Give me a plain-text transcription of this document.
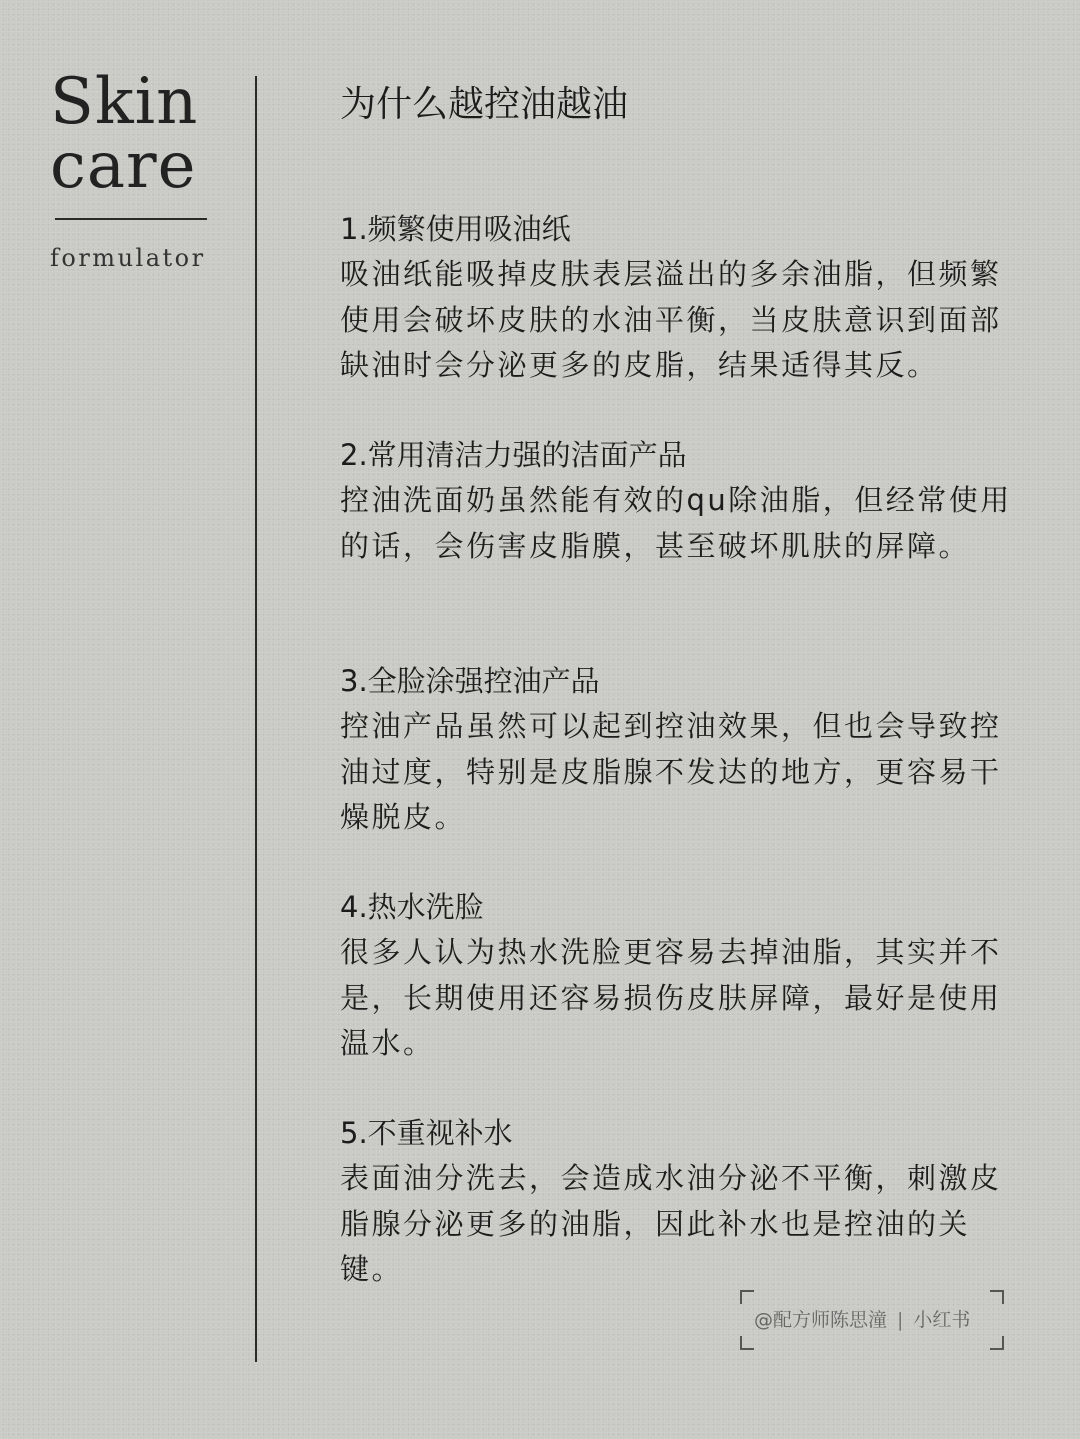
Skin
care
formulator
为什么越控油越油
1.频繁使用吸油纸
吸油纸能吸掉皮肤表层溢出的多余油脂，但频繁使用会破坏皮肤的水油平衡，当皮肤意识到面部缺油时会分泌更多的皮脂，结果适得其反。
2.常用清洁力强的洁面产品
控油洗面奶虽然能有效的qu除油脂，但经常使用的话，会伤害皮脂膜，甚至破坏肌肤的屏障。
3.全脸涂强控油产品
控油产品虽然可以起到控油效果，但也会导致控油过度，特别是皮脂腺不发达的地方，更容易干燥脱皮。
4.热水洗脸
很多人认为热水洗脸更容易去掉油脂，其实并不是，长期使用还容易损伤皮肤屏障，最好是使用温水。
5.不重视补水
表面油分洗去，会造成水油分泌不平衡，刺激皮脂腺分泌更多的油脂，因此补水也是控油的关键。
@配方师陈思潼 | 小红书
